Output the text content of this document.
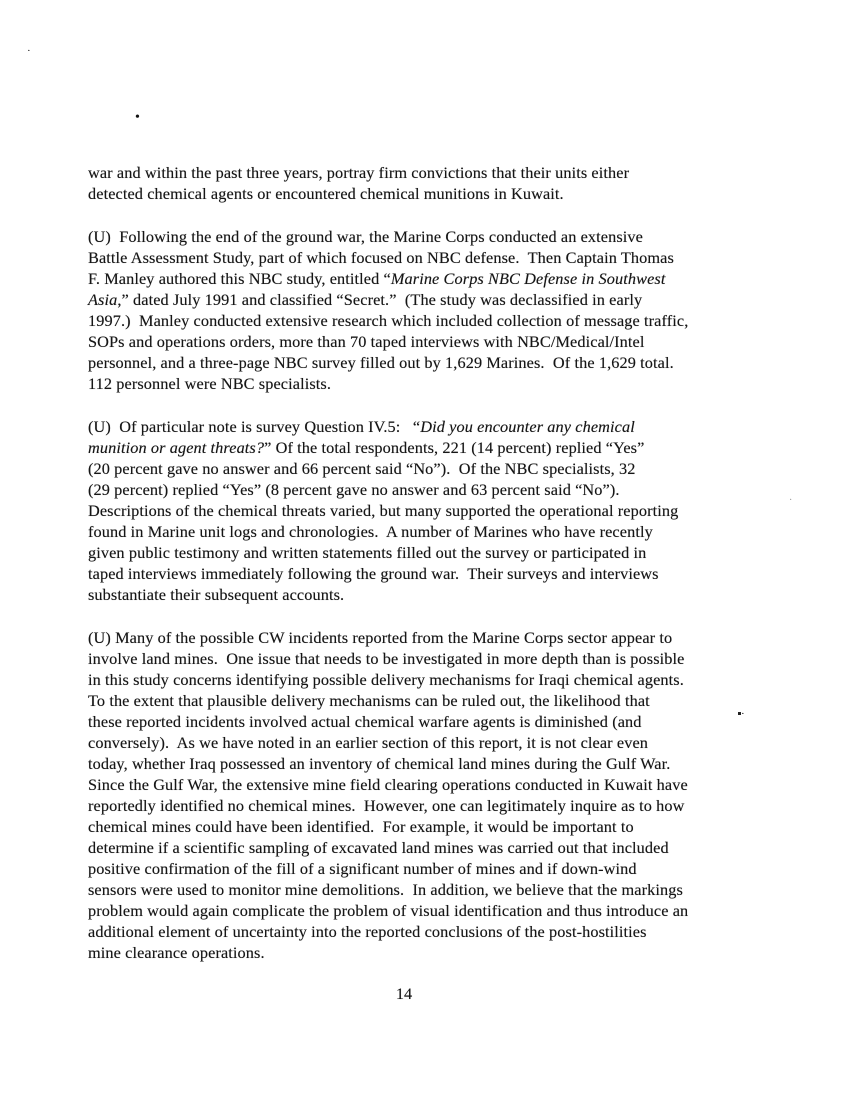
·
•
·
·
war and within the past three years, portray firm convictions that their units either
detected chemical agents or encountered chemical munitions in Kuwait.
(U)  Following the end of the ground war, the Marine Corps conducted an extensive
Battle Assessment Study, part of which focused on NBC defense.  Then Captain Thomas
F. Manley authored this NBC study, entitled “Marine Corps NBC Defense in Southwest
Asia,” dated July 1991 and classified “Secret.”  (The study was declassified in early
1997.)  Manley conducted extensive research which included collection of message traffic,
SOPs and operations orders, more than 70 taped interviews with NBC/Medical/Intel
personnel, and a three-page NBC survey filled out by 1,629 Marines.  Of the 1,629 total.
112 personnel were NBC specialists.
(U)  Of particular note is survey Question IV.5:   “Did you encounter any chemical
munition or agent threats?” Of the total respondents, 221 (14 percent) replied “Yes”
(20 percent gave no answer and 66 percent said “No”).  Of the NBC specialists, 32
(29 percent) replied “Yes” (8 percent gave no answer and 63 percent said “No”).
Descriptions of the chemical threats varied, but many supported the operational reporting
found in Marine unit logs and chronologies.  A number of Marines who have recently
given public testimony and written statements filled out the survey or participated in
taped interviews immediately following the ground war.  Their surveys and interviews
substantiate their subsequent accounts.
(U) Many of the possible CW incidents reported from the Marine Corps sector appear to
involve land mines.  One issue that needs to be investigated in more depth than is possible
in this study concerns identifying possible delivery mechanisms for Iraqi chemical agents.
To the extent that plausible delivery mechanisms can be ruled out, the likelihood that
these reported incidents involved actual chemical warfare agents is diminished (and
conversely).  As we have noted in an earlier section of this report, it is not clear even
today, whether Iraq possessed an inventory of chemical land mines during the Gulf War.
Since the Gulf War, the extensive mine field clearing operations conducted in Kuwait have
reportedly identified no chemical mines.  However, one can legitimately inquire as to how
chemical mines could have been identified.  For example, it would be important to
determine if a scientific sampling of excavated land mines was carried out that included
positive confirmation of the fill of a significant number of mines and if down-wind
sensors were used to monitor mine demolitions.  In addition, we believe that the markings
problem would again complicate the problem of visual identification and thus introduce an
additional element of uncertainty into the reported conclusions of the post-hostilities
mine clearance operations.
14
